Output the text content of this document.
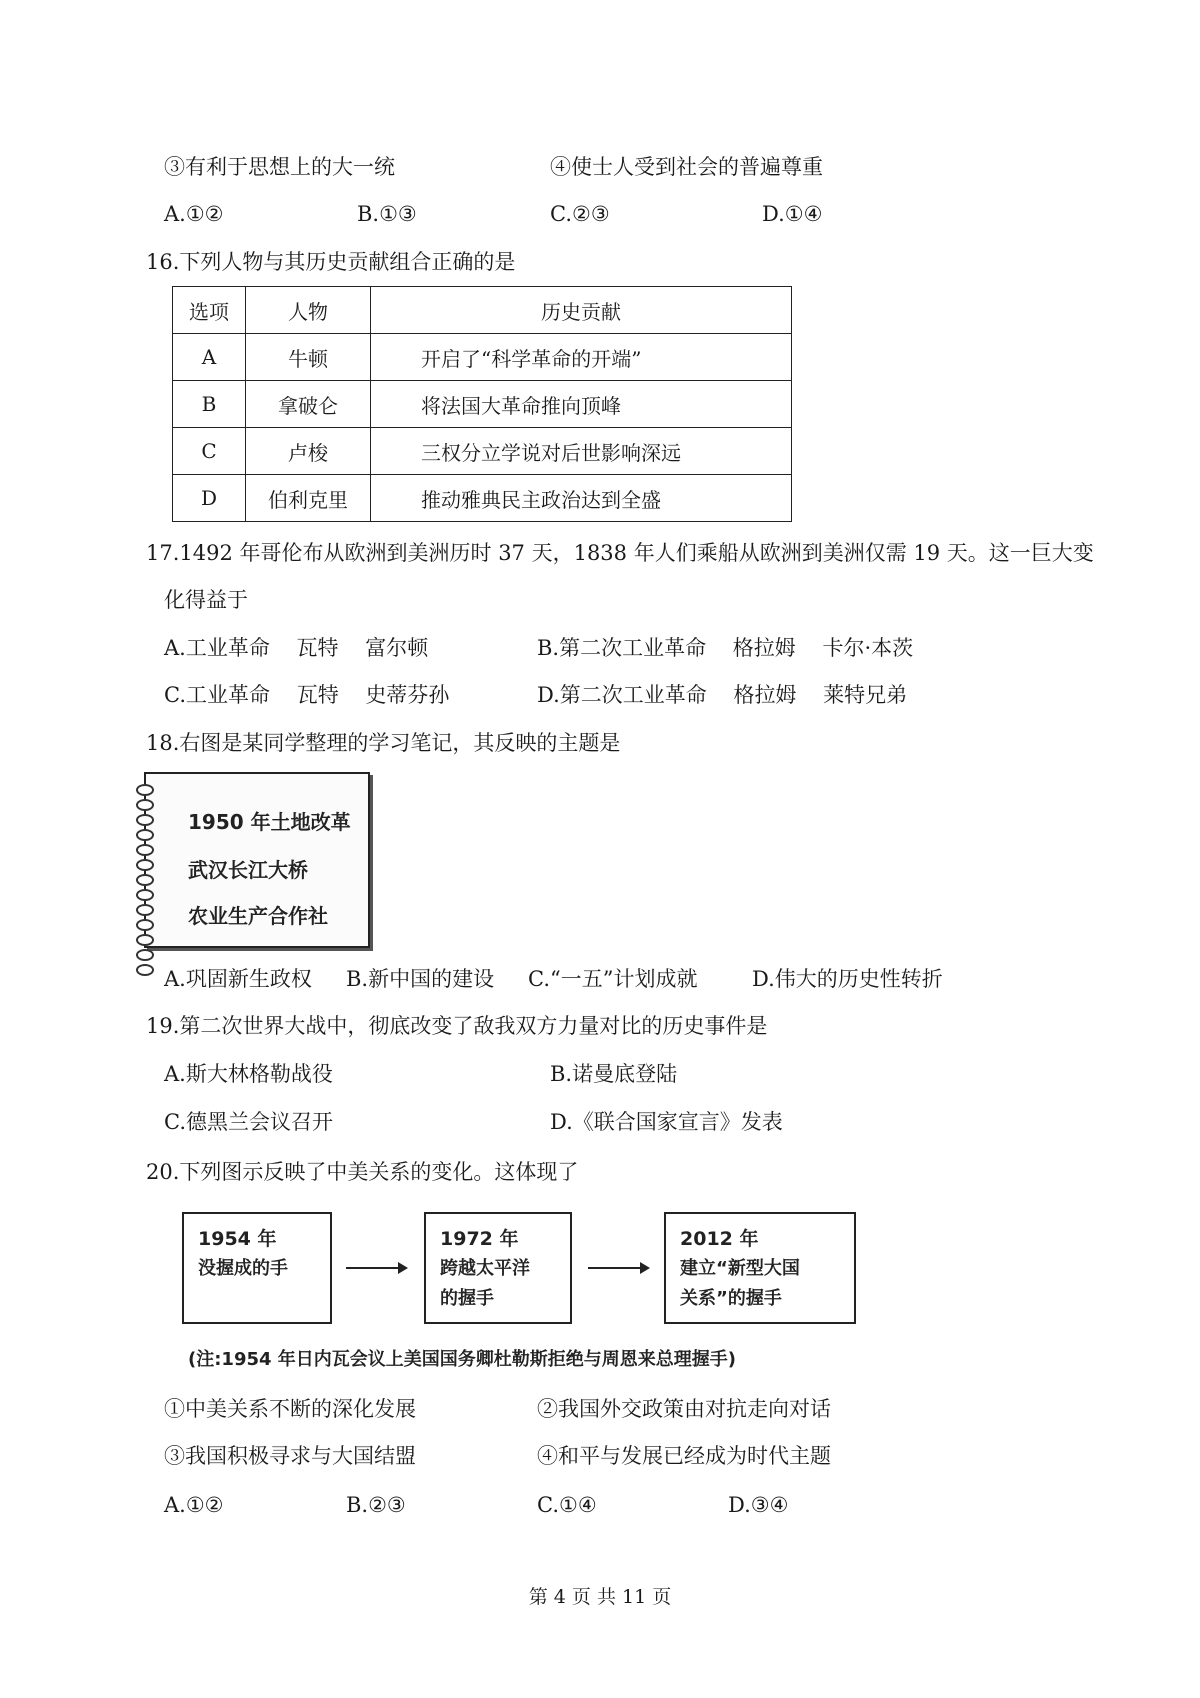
③有利于思想上的大一统	④使士人受到社会的普遍尊重
A.①②	B.①③	C.②③	D.①④
16.下列人物与其历史贡献组合正确的是
选项	人物	历史贡献
A	牛顿	开启了“科学革命的开端”
B	拿破仑	将法国大革命推向顶峰
C	卢梭	三权分立学说对后世影响深远
D	伯利克里	推动雅典民主政治达到全盛
17.1492 年哥伦布从欧洲到美洲历时 37 天，1838 年人们乘船从欧洲到美洲仅需 19 天。这一巨大变
化得益于
A.工业革命    瓦特    富尔顿	B.第二次工业革命    格拉姆    卡尔·本茨
C.工业革命    瓦特    史蒂芬孙	D.第二次工业革命    格拉姆    莱特兄弟
18.右图是某同学整理的学习笔记，其反映的主题是
1950 年土地改革
武汉长江大桥
农业生产合作社
A.巩固新生政权 B.新中国的建设 C.“一五”计划成就	D.伟大的历史性转折
19.第二次世界大战中，彻底改变了敌我双方力量对比的历史事件是
A.斯大林格勒战役	B.诺曼底登陆
C.德黑兰会议召开	D.《联合国家宣言》发表
20.下列图示反映了中美关系的变化。这体现了
1954 年
没握成的手
1972 年
跨越太平洋
的握手
2012 年
建立“新型大国
关系”的握手
(注:1954 年日内瓦会议上美国国务卿杜勒斯拒绝与周恩来总理握手)
①中美关系不断的深化发展	②我国外交政策由对抗走向对话
③我国积极寻求与大国结盟	④和平与发展已经成为时代主题
A.①②	B.②③	C.①④	D.③④
第 4 页 共 11 页
